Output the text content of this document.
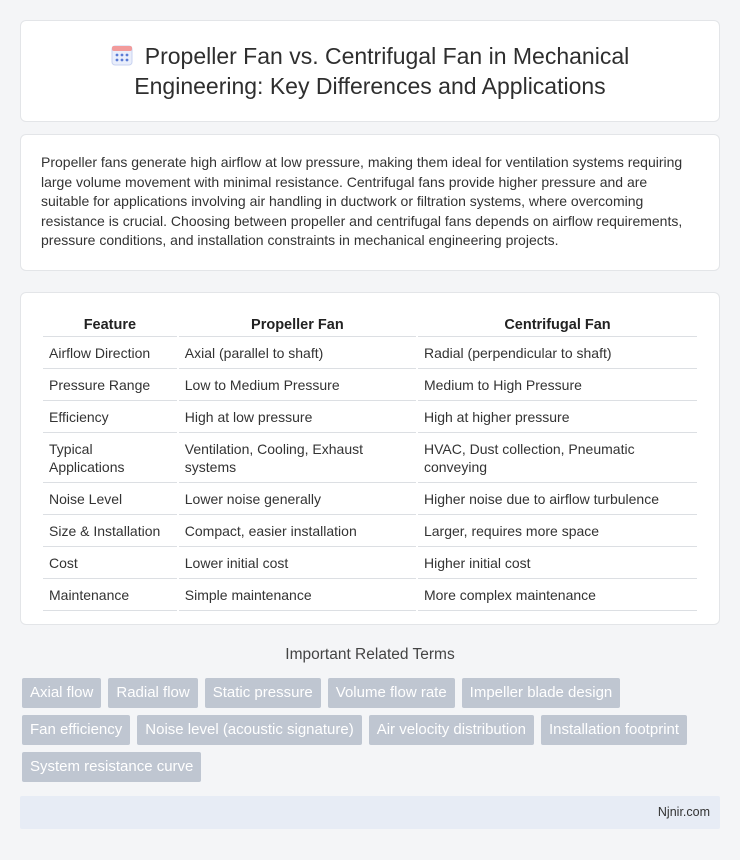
Propeller Fan vs. Centrifugal Fan in Mechanical Engineering: Key Differences and Applications

Propeller fans generate high airflow at low pressure, making them ideal for ventilation systems requiring large volume movement with minimal resistance. Centrifugal fans provide higher pressure and are suitable for applications involving air handling in ductwork or filtration systems, where overcoming resistance is crucial. Choosing between propeller and centrifugal fans depends on airflow requirements, pressure conditions, and installation constraints in mechanical engineering projects.

Feature	Propeller Fan	Centrifugal Fan
Airflow Direction	Axial (parallel to shaft)	Radial (perpendicular to shaft)
Pressure Range	Low to Medium Pressure	Medium to High Pressure
Efficiency	High at low pressure	High at higher pressure
Typical Applications	Ventilation, Cooling, Exhaust systems	HVAC, Dust collection, Pneumatic conveying
Noise Level	Lower noise generally	Higher noise due to airflow turbulence
Size & Installation	Compact, easier installation	Larger, requires more space
Cost	Lower initial cost	Higher initial cost
Maintenance	Simple maintenance	More complex maintenance
Important Related Terms
Axial flow	Radial flow	Static pressure	Volume flow rate	Impeller blade design
Fan efficiency	Noise level (acoustic signature)	Air velocity distribution	Installation footprint
System resistance curve
Njnir.com
